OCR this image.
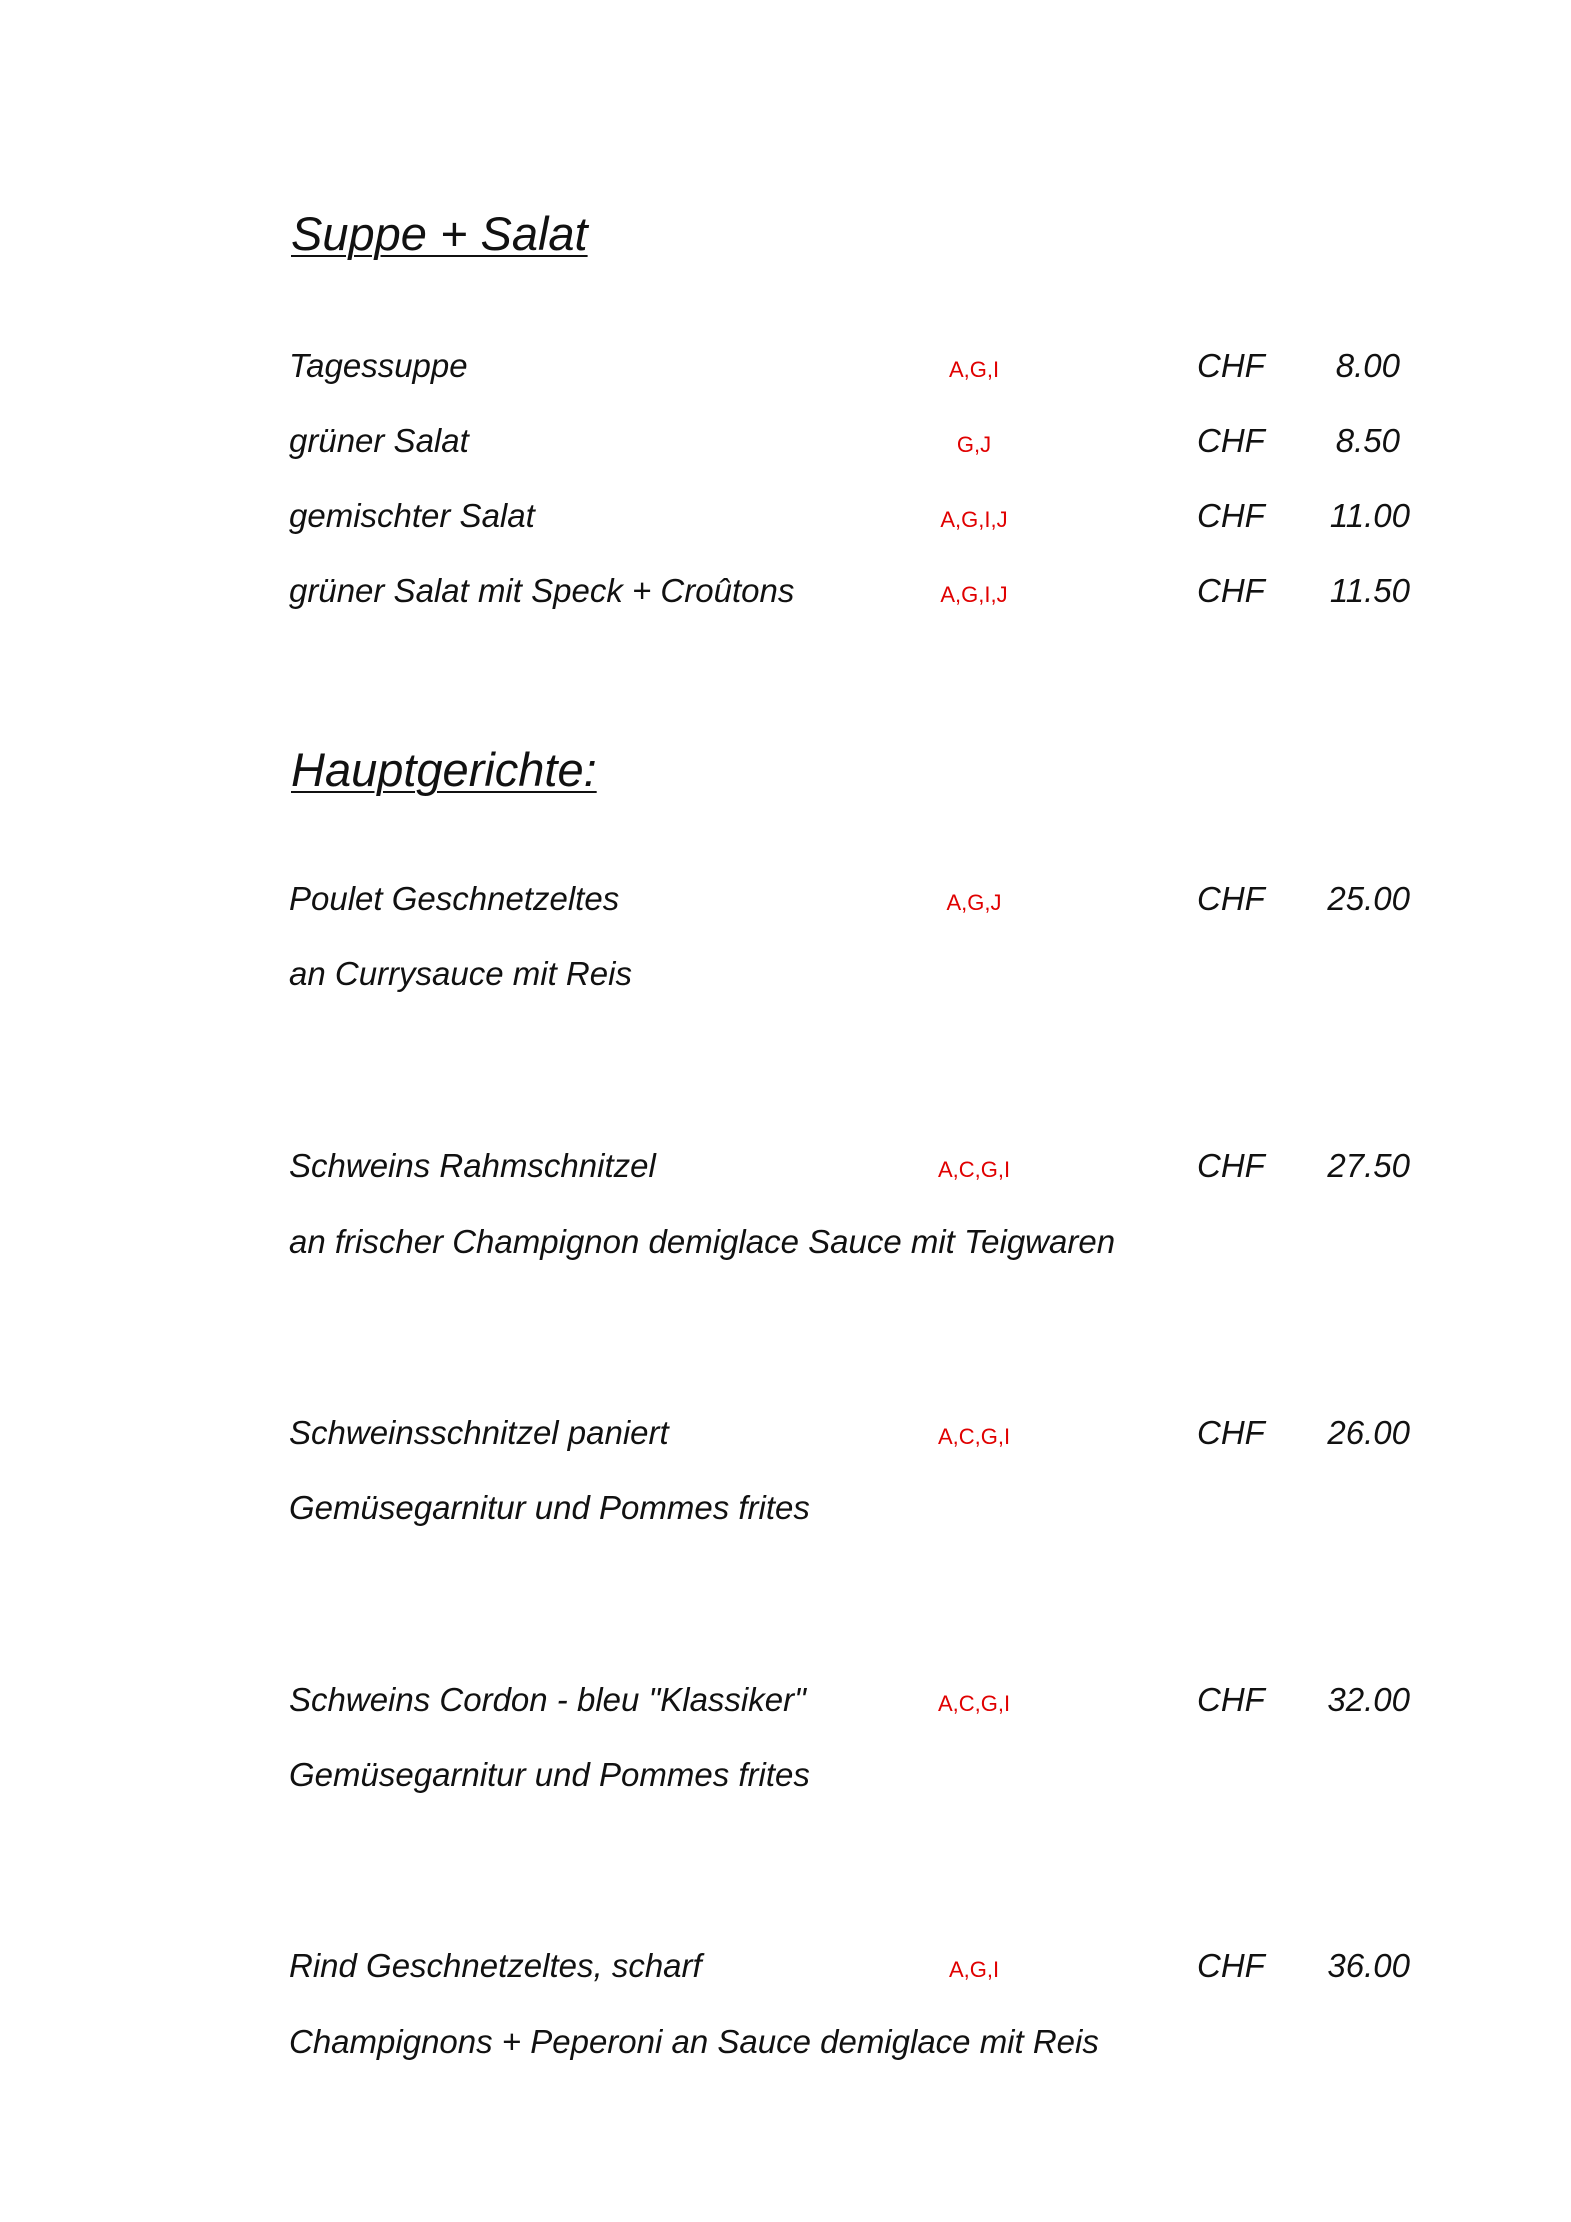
Suppe + Salat
Tagessuppe	A,G,I	CHF	8.00
grüner Salat	G,J	CHF	8.50
gemischter Salat	A,G,I,J	CHF	11.00
grüner Salat mit Speck + Croûtons	A,G,I,J	CHF	11.50
Hauptgerichte:
Poulet Geschnetzeltes	A,G,J	CHF	25.00
an Currysauce mit Reis
Schweins Rahmschnitzel	A,C,G,I	CHF	27.50
an frischer Champignon demiglace Sauce mit Teigwaren
Schweinsschnitzel paniert	A,C,G,I	CHF	26.00
Gemüsegarnitur und Pommes frites
Schweins Cordon - bleu "Klassiker"	A,C,G,I	CHF	32.00
Gemüsegarnitur und Pommes frites
Rind Geschnetzeltes, scharf	A,G,I	CHF	36.00
Champignons + Peperoni an Sauce demiglace mit Reis
